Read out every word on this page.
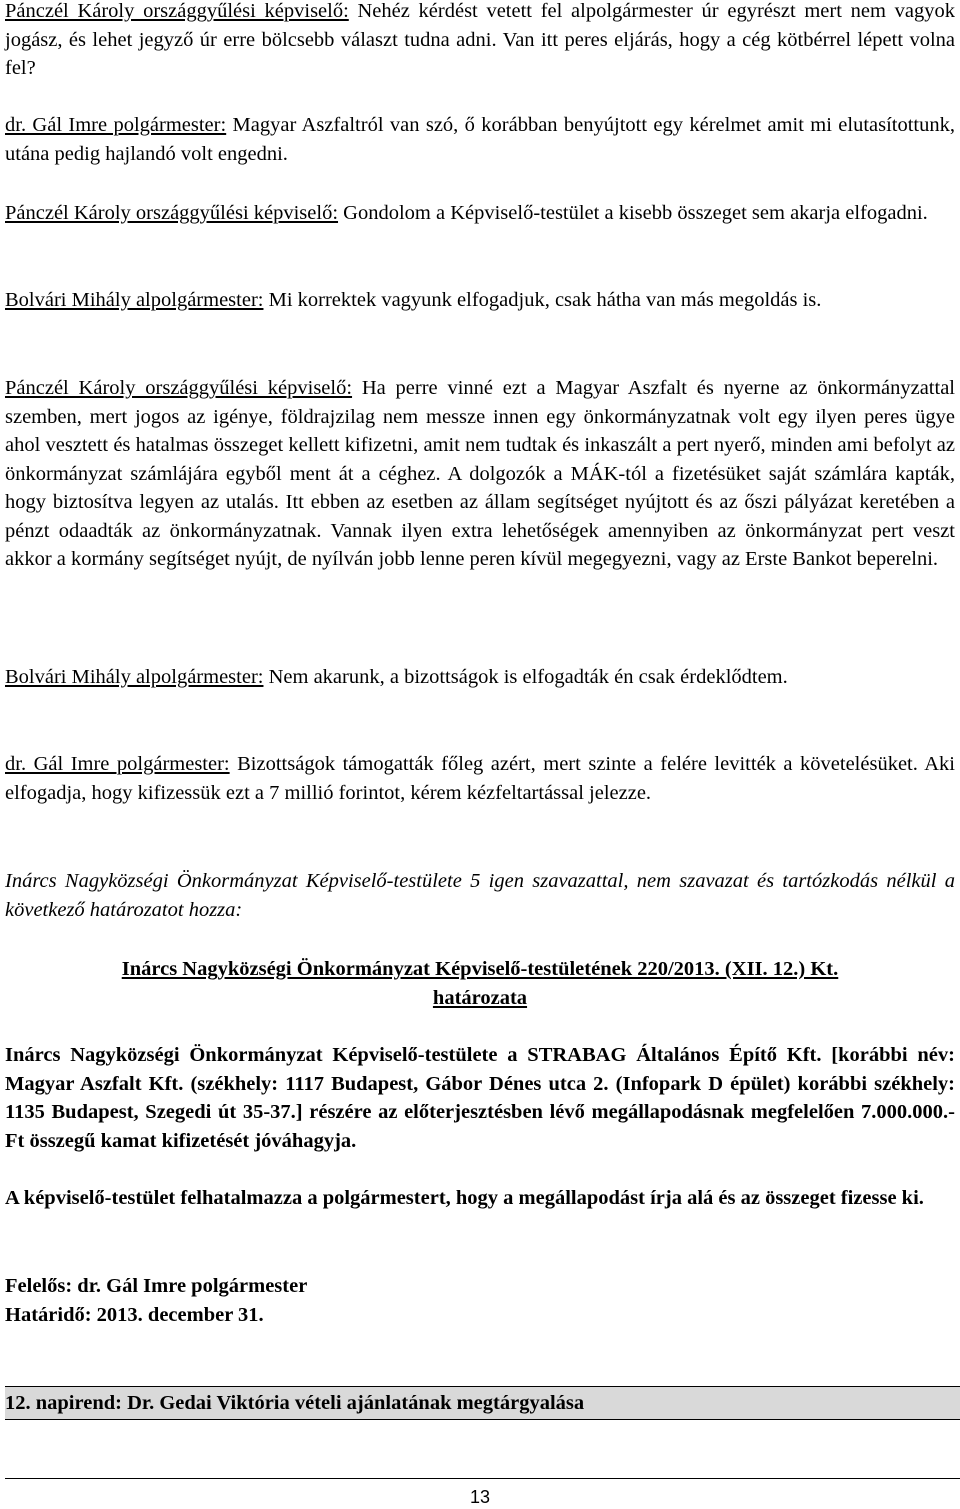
Pánczél Károly országgyűlési képviselő: Nehéz kérdést vetett fel alpolgármester úr egyrészt mert nem vagyok jogász, és lehet jegyző úr erre bölcsebb választ tudna adni. Van itt peres eljárás, hogy a cég kötbérrel lépett volna fel?

dr. Gál Imre polgármester: Magyar Aszfaltról van szó, ő korábban benyújtott egy kérelmet amit mi elutasítottunk, utána pedig hajlandó volt engedni.

Pánczél Károly országgyűlési képviselő: Gondolom a Képviselő-testület a kisebb összeget sem akarja elfogadni.

Bolvári Mihály alpolgármester: Mi korrektek vagyunk elfogadjuk, csak hátha van más megoldás is.

Pánczél Károly országgyűlési képviselő: Ha perre vinné ezt a Magyar Aszfalt és nyerne az önkormányzattal szemben, mert jogos az igénye, földrajzilag nem messze innen egy önkormányzatnak volt egy ilyen peres ügye ahol vesztett és hatalmas összeget kellett kifizetni, amit nem tudtak és inkaszált a pert nyerő, minden ami befolyt az önkormányzat számlájára egyből ment át a céghez. A dolgozók a MÁK-tól a fizetésüket saját számlára kapták, hogy biztosítva legyen az utalás. Itt ebben az esetben az állam segítséget nyújtott és az őszi pályázat keretében a pénzt odaadták az önkormányzatnak. Vannak ilyen extra lehetőségek amennyiben az önkormányzat pert veszt akkor a kormány segítséget nyújt, de nyílván jobb lenne peren kívül megegyezni, vagy az Erste Bankot beperelni.

Bolvári Mihály alpolgármester: Nem akarunk, a bizottságok is elfogadták én csak érdeklődtem.

dr. Gál Imre polgármester: Bizottságok támogatták főleg azért, mert szinte a felére levitték a követelésüket. Aki elfogadja, hogy kifizessük ezt a 7 millió forintot, kérem kézfeltartással jelezze.

Inárcs Nagyközségi Önkormányzat Képviselő-testülete 5 igen szavazattal, nem szavazat és tartózkodás nélkül a következő határozatot hozza:

Inárcs Nagyközségi Önkormányzat Képviselő-testületének 220/2013. (XII. 12.) Kt.

határozata

Inárcs Nagyközségi Önkormányzat Képviselő-testülete a STRABAG Általános Építő Kft. [korábbi név: Magyar Aszfalt Kft. (székhely: 1117 Budapest, Gábor Dénes utca 2. (Infopark D épület) korábbi székhely: 1135 Budapest, Szegedi út 35-37.] részére az előterjesztésben lévő megállapodásnak megfelelően 7.000.000.-Ft összegű kamat kifizetését jóváhagyja.

A képviselő-testület felhatalmazza a polgármestert, hogy a megállapodást írja alá és az összeget fizesse ki.

Felelős: dr. Gál Imre polgármester

Határidő: 2013. december 31.

12. napirend: Dr. Gedai Viktória vételi ajánlatának megtárgyalása
13
